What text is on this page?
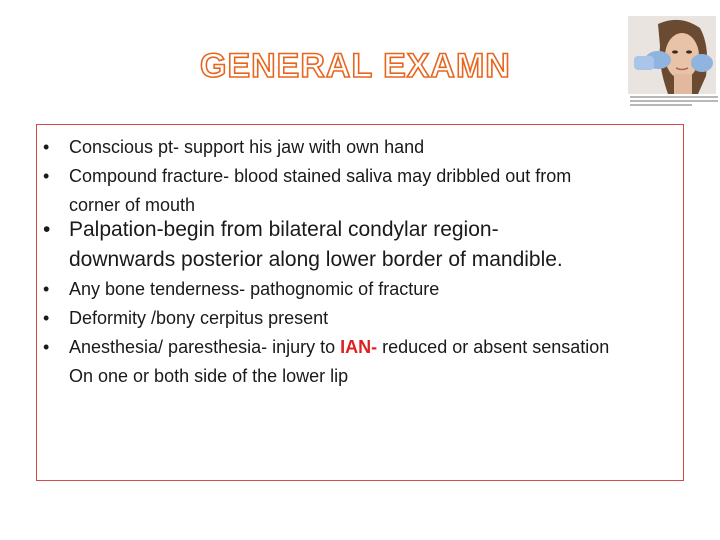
GENERAL EXAMN
• Conscious pt- support his jaw with own hand
• Compound fracture- blood stained saliva may dribbled out from
corner of mouth
• Palpation-begin from bilateral condylar region-
downwards posterior along lower border of mandible.
• Any bone tenderness- pathognomic of fracture
• Deformity /bony cerpitus present
• Anesthesia/ paresthesia- injury to IAN- reduced or absent sensation
On one or both side of the lower lip
